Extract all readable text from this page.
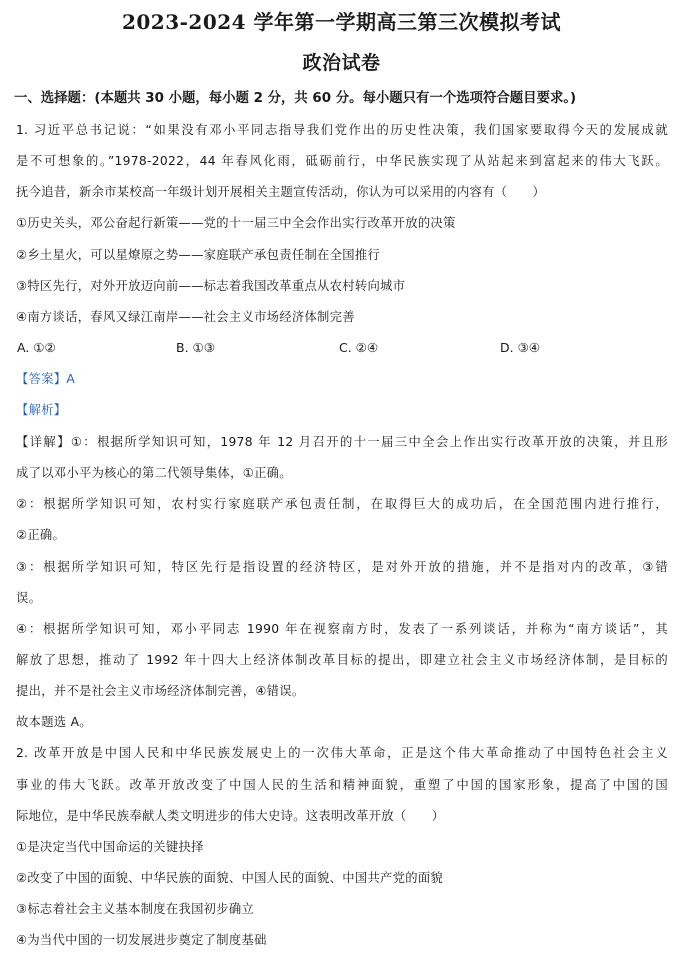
2023-2024 学年第一学期高三第三次模拟考试
政治试卷
一、选择题：(本题共 30 小题，每小题 2 分，共 60 分。每小题只有一个选项符合题目要求。)
1. 习近平总书记说：“如果没有邓小平同志指导我们党作出的历史性决策，我们国家要取得今天的发展成就
是不可想象的。”1978-2022，44 年春风化雨，砥砺前行，中华民族实现了从站起来到富起来的伟大飞跃。
抚今追昔，新余市某校高一年级计划开展相关主题宣传活动，你认为可以采用的内容有（　　）
①历史关头，邓公奋起行新策——党的十一届三中全会作出实行改革开放的决策
②乡土星火，可以星燎原之势——家庭联产承包责任制在全国推行
③特区先行，对外开放迈向前——标志着我国改革重点从农村转向城市
④南方谈话，春风又绿江南岸——社会主义市场经济体制完善
A. ①②	B. ①③	C. ②④	D. ③④
【答案】A
【解析】
【详解】①：根据所学知识可知，1978 年 12 月召开的十一届三中全会上作出实行改革开放的决策，并且形
成了以邓小平为核心的第二代领导集体，①正确。
②：根据所学知识可知，农村实行家庭联产承包责任制，在取得巨大的成功后，在全国范围内进行推行，
②正确。
③：根据所学知识可知，特区先行是指设置的经济特区，是对外开放的措施，并不是指对内的改革，③错
误。
④：根据所学知识可知，邓小平同志 1990 年在视察南方时，发表了一系列谈话，并称为“南方谈话”，其
解放了思想，推动了 1992 年十四大上经济体制改革目标的提出，即建立社会主义市场经济体制，是目标的
提出，并不是社会主义市场经济体制完善，④错误。
故本题选 A。
2. 改革开放是中国人民和中华民族发展史上的一次伟大革命，正是这个伟大革命推动了中国特色社会主义
事业的伟大飞跃。改革开放改变了中国人民的生活和精神面貌，重塑了中国的国家形象，提高了中国的国
际地位，是中华民族奉献人类文明进步的伟大史诗。这表明改革开放（　　）
①是决定当代中国命运的关键抉择
②改变了中国的面貌、中华民族的面貌、中国人民的面貌、中国共产党的面貌
③标志着社会主义基本制度在我国初步确立
④为当代中国的一切发展进步奠定了制度基础
